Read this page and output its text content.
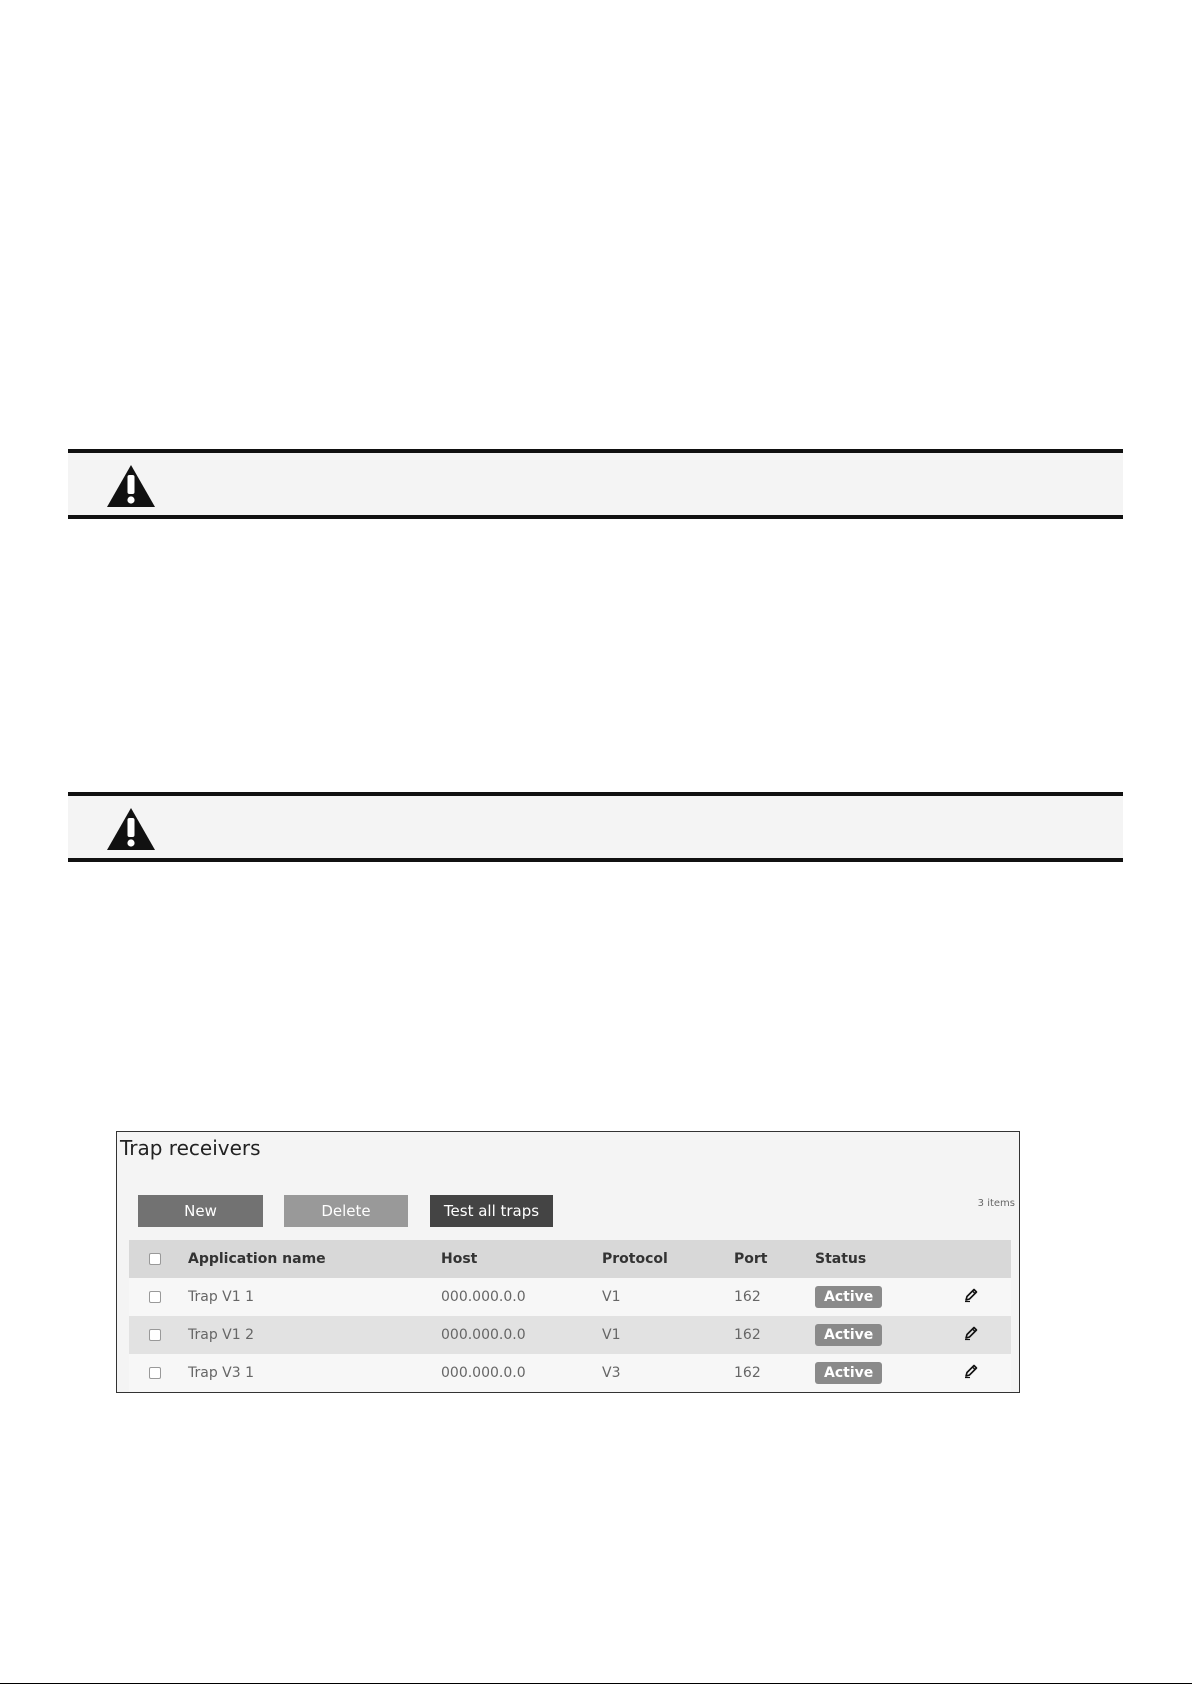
Trap receivers
New	Delete	Test all traps	3 items
	Application name	Host	Protocol	Port	Status	
	Trap V1 1	000.000.0.0	V1	162	Active	
	Trap V1 2	000.000.0.0	V1	162	Active	
	Trap V3 1	000.000.0.0	V3	162	Active	
